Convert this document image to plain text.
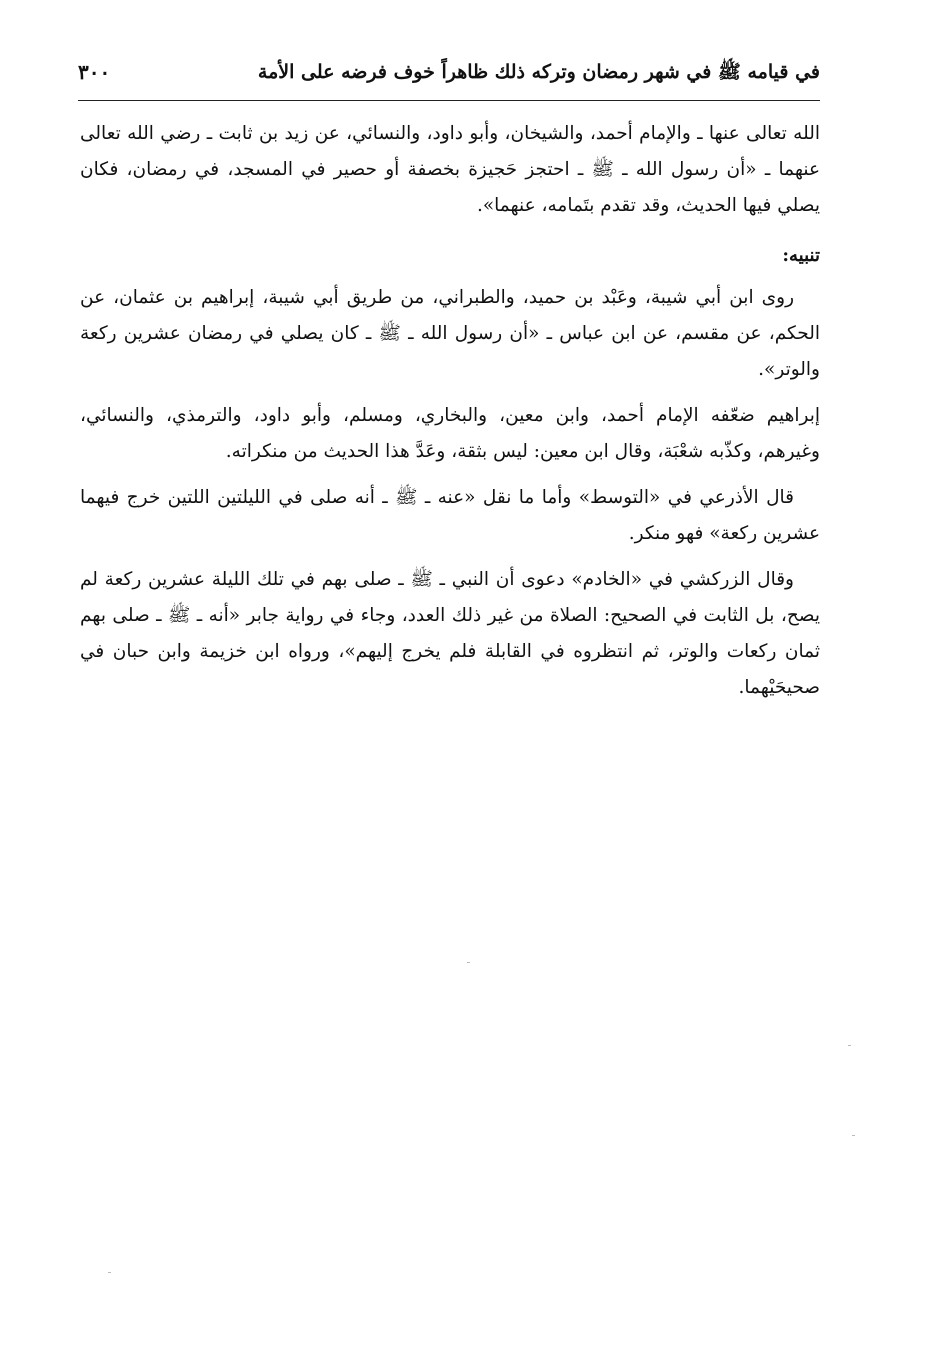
في قيامه ﷺ في شهر رمضان وتركه ذلك ظاهراً خوف فرضه على الأمة
٣٠٠

الله تعالى عنها ـ والإمام أحمد، والشيخان، وأبو داود، والنسائي، عن زيد بن ثابت ـ رضي الله تعالى عنهما ـ «أن رسول الله ـ ﷺ ـ احتجز حَجيزة بخصفة أو حصير في المسجد، في رمضان، فكان يصلي فيها الحديث، وقد تقدم بتَمامه، عنهما».

تنبيه:

روى ابن أبي شيبة، وعَبْد بن حميد، والطبراني، من طريق أبي شيبة، إبراهيم بن عثمان، عن الحكم، عن مقسم، عن ابن عباس ـ «أن رسول الله ـ ﷺ ـ كان يصلي في رمضان عشرين ركعة والوتر».

إبراهيم ضعّفه الإمام أحمد، وابن معين، والبخاري، ومسلم، وأبو داود، والترمذي، والنسائي، وغيرهم، وكذّبه شعْبَة، وقال ابن معين: ليس بثقة، وعَدَّ هذا الحديث من منكراته.

قال الأذرعي في «التوسط» وأما ما نقل «عنه ـ ﷺ ـ أنه صلى في الليلتين اللتين خرج فيهما عشرين ركعة» فهو منكر.

وقال الزركشي في «الخادم» دعوى أن النبي ـ ﷺ ـ صلى بهم في تلك الليلة عشرين ركعة لم يصح، بل الثابت في الصحيح: الصلاة من غير ذلك العدد، وجاء في رواية جابر «أنه ـ ﷺ ـ صلى بهم ثمان ركعات والوتر، ثم انتظروه في القابلة فلم يخرج إليهم»، ورواه ابن خزيمة وابن حبان في صحيحَيْهما.
